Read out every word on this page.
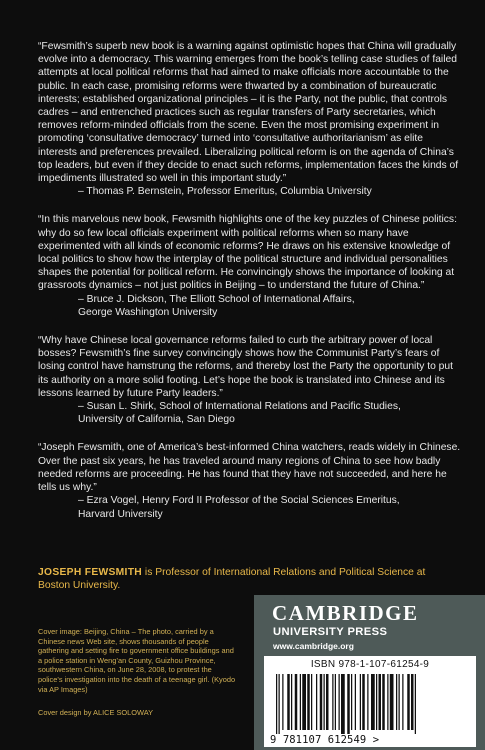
“Fewsmith’s superb new book is a warning against optimistic hopes that China will gradually evolve into a democracy. This warning emerges from the book’s telling case studies of failed attempts at local political reforms that had aimed to make officials more accountable to the public. In each case, promising reforms were thwarted by a combination of bureaucratic interests; established organizational principles – it is the Party, not the public, that controls cadres – and entrenched practices such as regular transfers of Party secretaries, which removes reform-minded officials from the scene. Even the most promising experiment in promoting ‘consultative democracy’ turned into ‘consultative authoritarianism’ as elite interests and preferences prevailed. Liberalizing political reform is on the agenda of China’s top leaders, but even if they decide to enact such reforms, implementation faces the kinds of impediments illustrated so well in this important study.”

– Thomas P. Bernstein, Professor Emeritus, Columbia University

“In this marvelous new book, Fewsmith highlights one of the key puzzles of Chinese politics: why do so few local officials experiment with political reforms when so many have experimented with all kinds of economic reforms? He draws on his extensive knowledge of local politics to show how the interplay of the political structure and individual personalities shapes the potential for political reform. He convincingly shows the importance of looking at grassroots dynamics – not just politics in Beijing – to understand the future of China.”

– Bruce J. Dickson, The Elliott School of International Affairs,
George Washington University

“Why have Chinese local governance reforms failed to curb the arbitrary power of local bosses? Fewsmith’s fine survey convincingly shows how the Communist Party’s fears of losing control have hamstrung the reforms, and thereby lost the Party the opportunity to put its authority on a more solid footing. Let’s hope the book is translated into Chinese and its lessons learned by future Party leaders.”

– Susan L. Shirk, School of International Relations and Pacific Studies,
University of California, San Diego

“Joseph Fewsmith, one of America’s best-informed China watchers, reads widely in Chinese. Over the past six years, he has traveled around many regions of China to see how badly needed reforms are proceeding. He has found that they have not succeeded, and here he tells us why.”

– Ezra Vogel, Henry Ford II Professor of the Social Sciences Emeritus,
Harvard University
JOSEPH FEWSMITH is Professor of International Relations and Political Science at Boston University.
Cover image: Beijing, China – The photo, carried by a Chinese news Web site, shows thousands of people gathering and setting fire to government office buildings and a police station in Weng’an County, Guizhou Province, southwestern China, on June 28, 2008, to protest the police’s investigation into the death of a teenage girl. (Kyodo via AP Images)
Cover design by ALICE SOLOWAY
CAMBRIDGE
UNIVERSITY PRESS
www.cambridge.org
ISBN 978-1-107-61254-9
9 781107 612549 >
